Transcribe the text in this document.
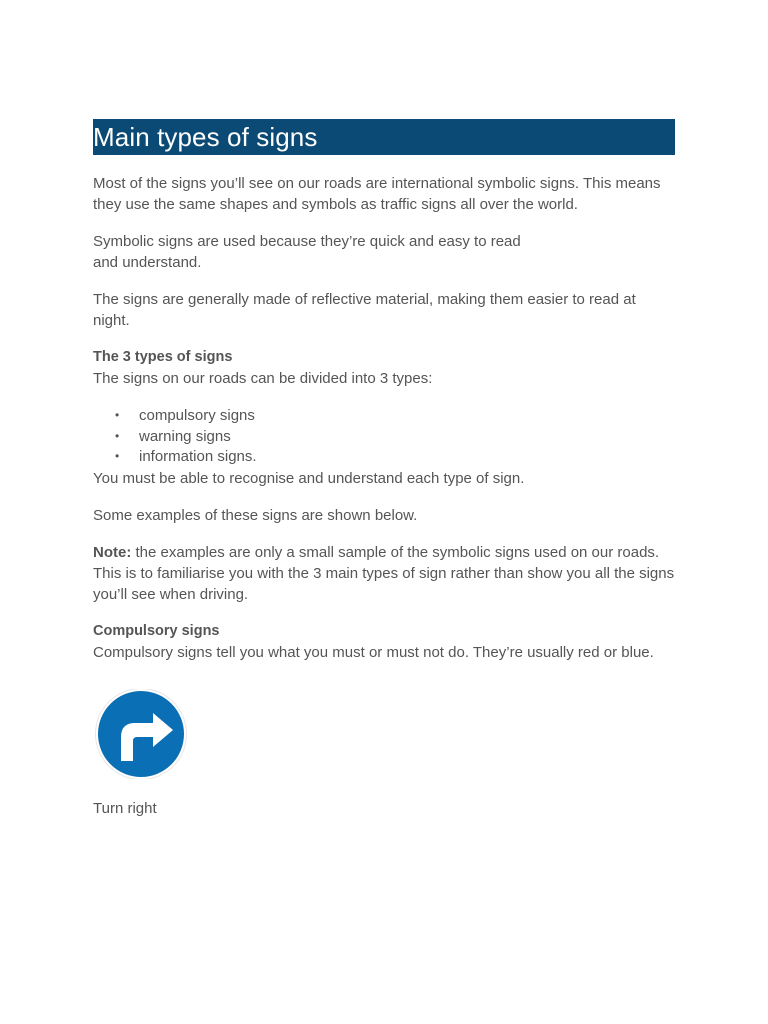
Main types of signs

Most of the signs you’ll see on our roads are international symbolic signs. This means they use the same shapes and symbols as traffic signs all over the world.

Symbolic signs are used because they’re quick and easy to read
and understand.

The signs are generally made of reflective material, making them easier to read at night.

The 3 types of signs

The signs on our roads can be divided into 3 types:

• compulsory signs
• warning signs
• information signs.

You must be able to recognise and understand each type of sign.

Some examples of these signs are shown below.

Note: the examples are only a small sample of the symbolic signs used on our roads. This is to familiarise you with the 3 main types of sign rather than show you all the signs you’ll see when driving.

Compulsory signs

Compulsory signs tell you what you must or must not do. They’re usually red or blue.

Turn right
